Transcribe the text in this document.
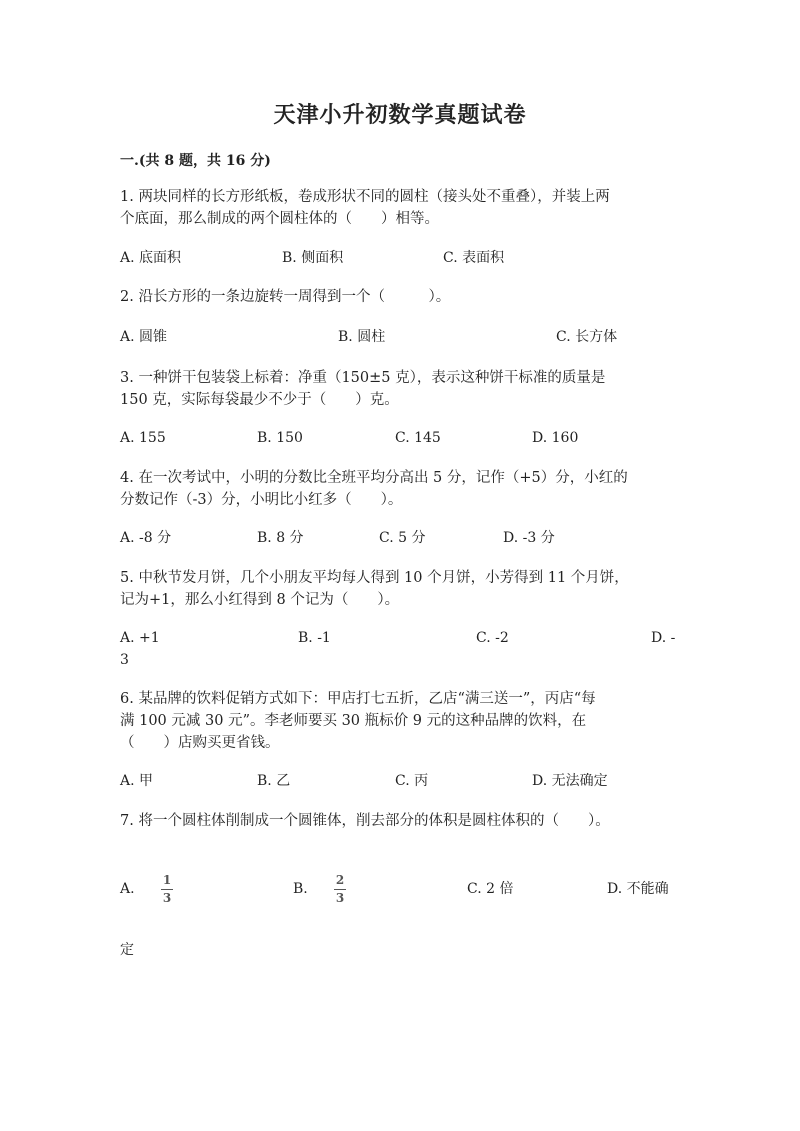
天津小升初数学真题试卷
一.(共 8 题，共 16 分)
1. 两块同样的长方形纸板，卷成形状不同的圆柱（接头处不重叠），并装上两
个底面，那么制成的两个圆柱体的（　　）相等。
A. 底面积	B. 侧面积	C. 表面积
2. 沿长方形的一条边旋转一周得到一个（　　　）。
A. 圆锥	B. 圆柱	C. 长方体
3. 一种饼干包装袋上标着：净重（150±5 克），表示这种饼干标准的质量是
150 克，实际每袋最少不少于（　　）克。
A. 155	B. 150	C. 145	D. 160
4. 在一次考试中，小明的分数比全班平均分高出 5 分，记作（+5）分，小红的
分数记作（-3）分，小明比小红多（　　）。
A. -8 分	B. 8 分	C. 5 分	D. -3 分
5. 中秋节发月饼，几个小朋友平均每人得到 10 个月饼，小芳得到 11 个月饼，
记为+1，那么小红得到 8 个记为（　　）。
A. +1	B. -1	C. -2	D. -
3
6. 某品牌的饮料促销方式如下：甲店打七五折，乙店“满三送一”，丙店“每
满 100 元减 30 元”。李老师要买 30 瓶标价 9 元的这种品牌的饮料，在
（　　）店购买更省钱。
A. 甲	B. 乙	C. 丙	D. 无法确定
7. 将一个圆柱体削制成一个圆锥体，削去部分的体积是圆柱体积的（　　）。
A.
1
3
B.
2
3
C. 2 倍	D. 不能确
定
